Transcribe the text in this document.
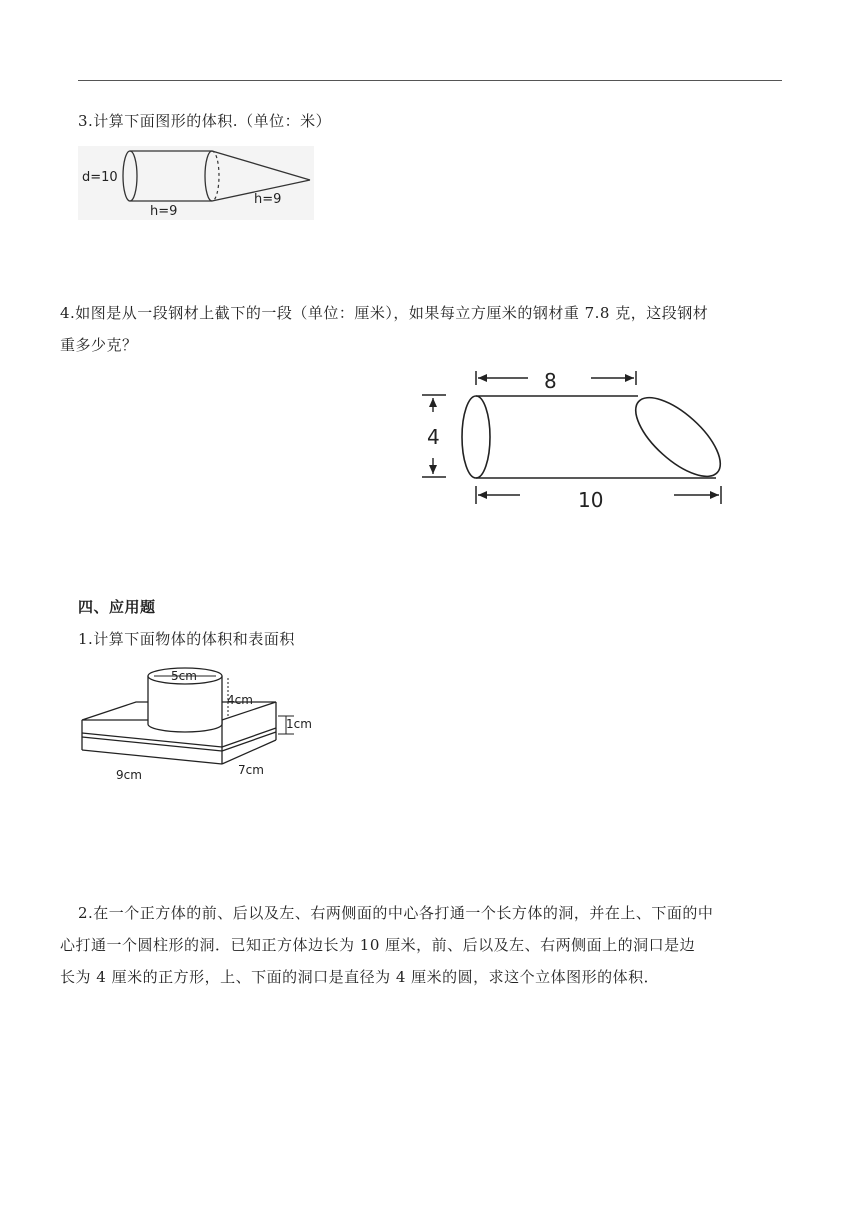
3.计算下面图形的体积.（单位：米）
d=10
h=9
h=9
4.如图是从一段钢材上截下的一段（单位：厘米），如果每立方厘米的钢材重 7.8 克，这段钢材
重多少克？
8
4
10
四、应用题
1.计算下面物体的体积和表面积
5cm
4cm
1cm
9cm	7cm
2.在一个正方体的前、后以及左、右两侧面的中心各打通一个长方体的洞，并在上、下面的中
心打通一个圆柱形的洞．已知正方体边长为 10 厘米，前、后以及左、右两侧面上的洞口是边
长为 4 厘米的正方形，上、下面的洞口是直径为 4 厘米的圆，求这个立体图形的体积．
